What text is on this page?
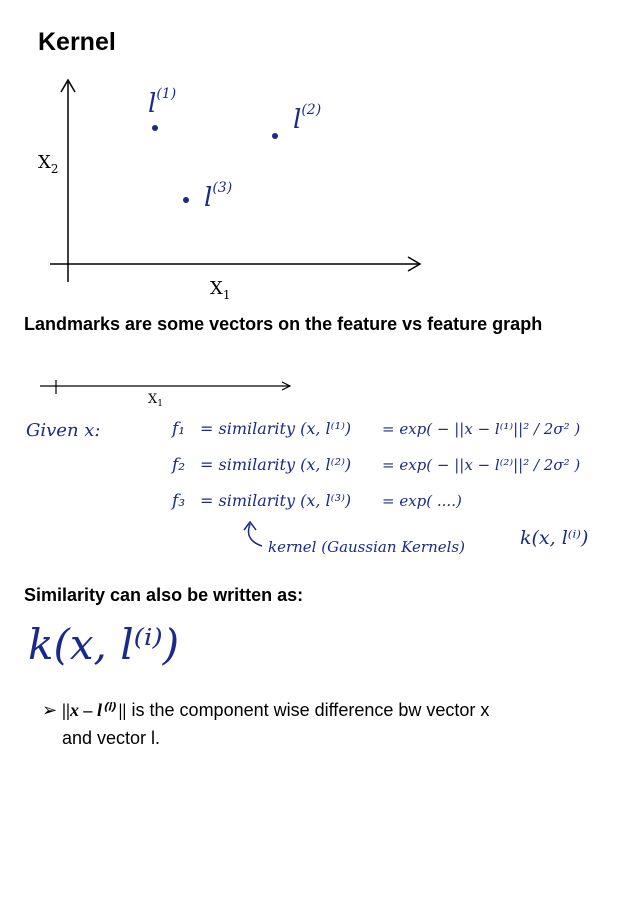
Kernel
$X_2$
$X_1$
$l^{(1)}$
$l^{(2)}$
$l^{(3)}$
Landmarks are some vectors on the feature vs feature graph
$X_1$
Given x:	f₁ = similarity (x, l⁽¹⁾) = exp( − ||x − l⁽¹⁾||² / 2σ² )
f₂ = similarity (x, l⁽²⁾) = exp( − ||x − l⁽²⁾||² / 2σ² )
f₃ = similarity (x, l⁽³⁾) = exp( ....)
kernel (Gaussian Kernels)	k(x, l⁽ⁱ⁾)
Similarity can also be written as:
k(x, l⁽ⁱ⁾)
➢ ||x – l⁽ⁱ⁾ || is the component wise difference bw vector x
and vector l.
